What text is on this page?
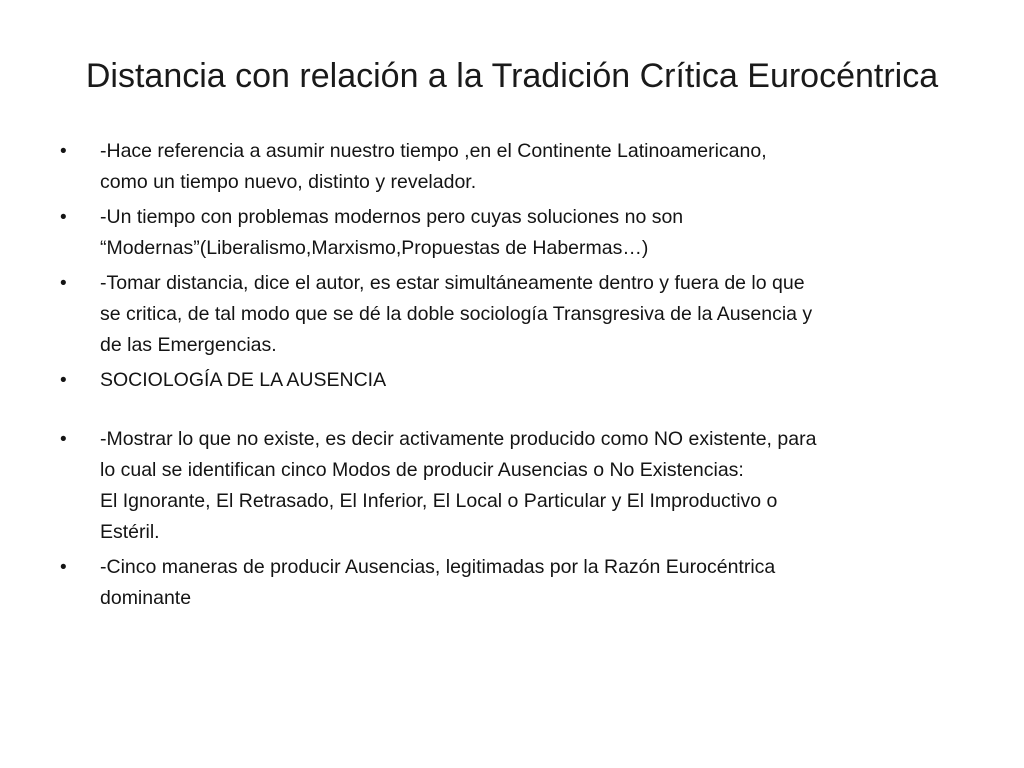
Distancia con relación a la Tradición Crítica Eurocéntrica
•	-Hace referencia a asumir nuestro tiempo ,en el Continente Latinoamericano,
como un tiempo nuevo, distinto y revelador.
•	-Un tiempo con problemas modernos pero cuyas soluciones no son
“Modernas”(Liberalismo,Marxismo,Propuestas de Habermas…)
•	-Tomar distancia, dice el autor, es estar simultáneamente dentro y fuera de lo que
se critica, de tal modo que se dé la doble sociología Transgresiva de la Ausencia y
de las Emergencias.
•	SOCIOLOGÍA DE LA AUSENCIA
•	-Mostrar lo que no existe, es decir activamente producido como NO existente, para
lo cual se identifican cinco Modos de producir Ausencias o No Existencias:
El Ignorante, El Retrasado, El Inferior, El Local o Particular y El Improductivo o
Estéril.
•	-Cinco maneras de producir Ausencias, legitimadas por la Razón Eurocéntrica
dominante
